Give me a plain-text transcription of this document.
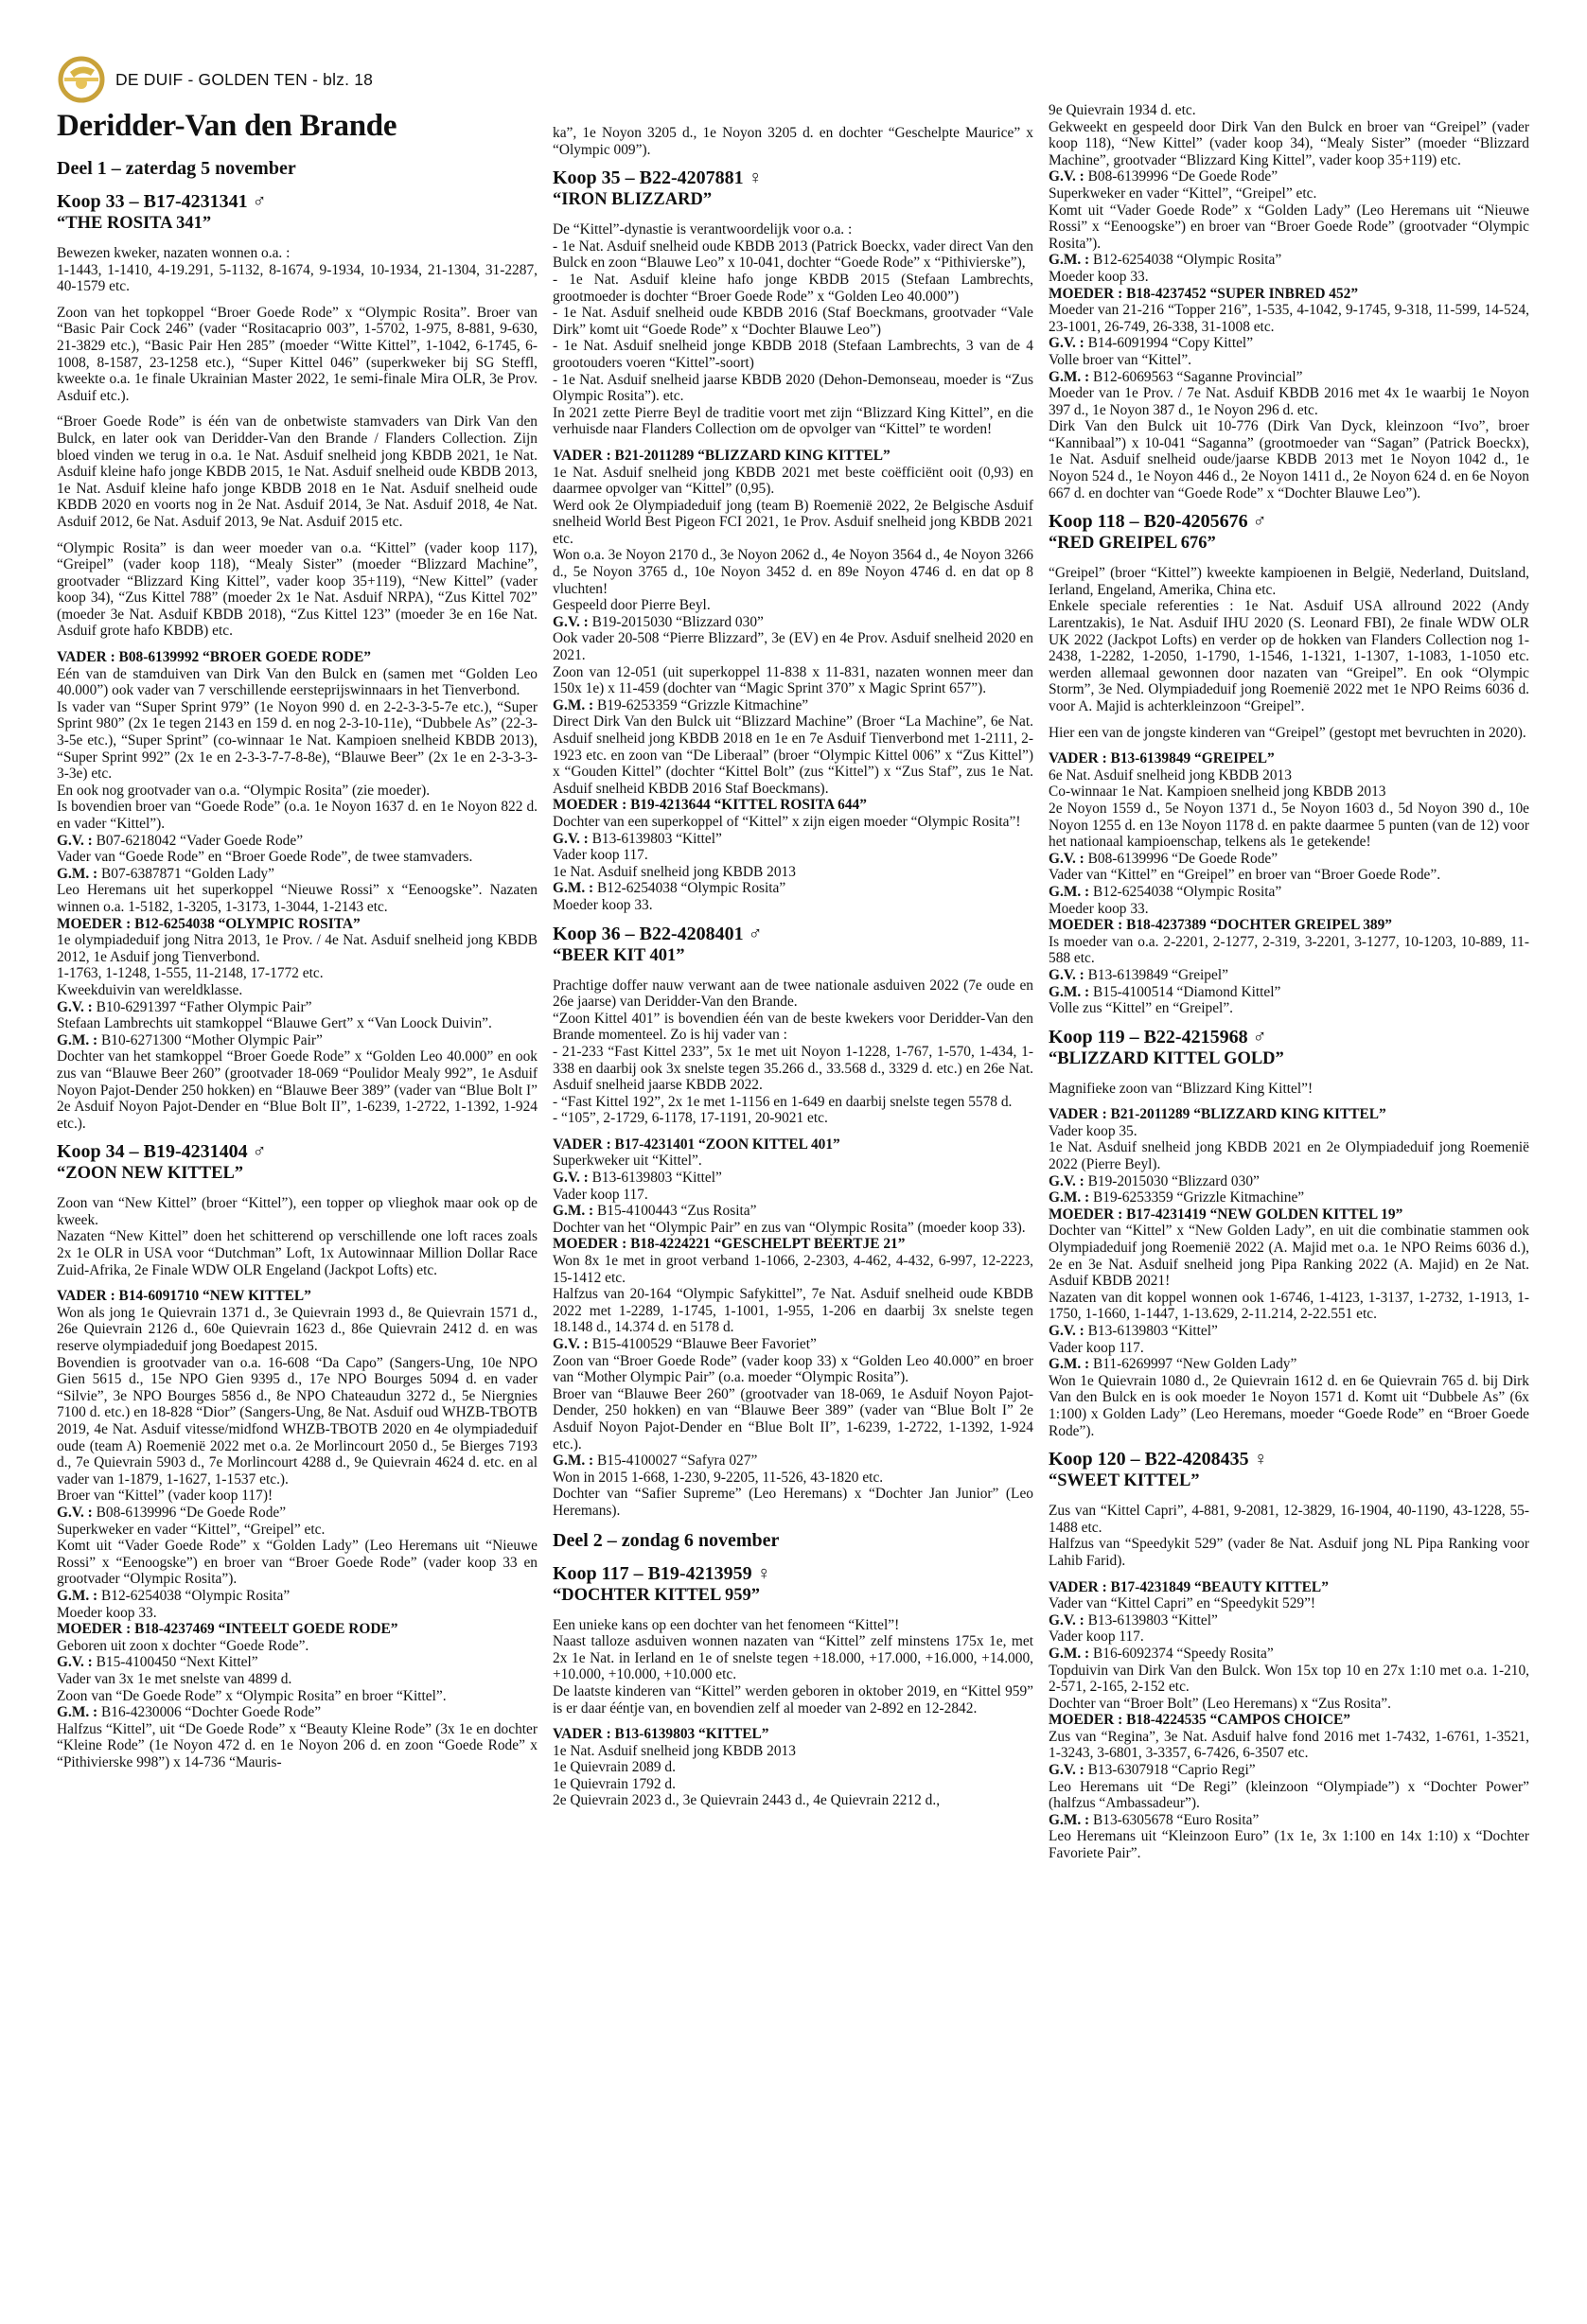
DE DUIF - GOLDEN TEN - blz. 18
Deridder-Van den Brande
Deel 1 – zaterdag 5 november
Koop 33 – B17-4231341 ♂
“THE ROSITA 341”

Bewezen kweker, nazaten wonnen o.a. :
1-1443, 1-1410, 4-19.291, 5-1132, 8-1674, 9-1934, 10-1934, 21-1304, 31-2287, 40-1579 etc.

Zoon van het topkoppel “Broer Goede Rode” x “Olympic Rosita”. Broer van “Basic Pair Cock 246” (vader “Rositacaprio 003”, 1-5702, 1-975, 8-881, 9-630, 21-3829 etc.), “Basic Pair Hen 285” (moeder “Witte Kittel”, 1-1042, 6-1745, 6-1008, 8-1587, 23-1258 etc.), “Super Kittel 046” (superkweker bij SG Steffl, kweekte o.a. 1e finale Ukrainian Master 2022, 1e semi-finale Mira OLR, 3e Prov. Asduif etc.).

“Broer Goede Rode” is één van de onbetwiste stamvaders van Dirk Van den Bulck, en later ook van Deridder-Van den Brande / Flanders Collection. Zijn bloed vinden we terug in o.a. 1e Nat. Asduif snelheid jong KBDB 2021, 1e Nat. Asduif kleine hafo jonge KBDB 2015, 1e Nat. Asduif snelheid oude KBDB 2013, 1e Nat. Asduif kleine hafo jonge KBDB 2018 en 1e Nat. Asduif snelheid oude KBDB 2020 en voorts nog in 2e Nat. Asduif 2014, 3e Nat. Asduif 2018, 4e Nat. Asduif 2012, 6e Nat. Asduif 2013, 9e Nat. Asduif 2015 etc.

“Olympic Rosita” is dan weer moeder van o.a. “Kittel” (vader koop 117), “Greipel” (vader koop 118), “Mealy Sister” (moeder “Blizzard Machine”, grootvader “Blizzard King Kittel”, vader koop 35+119), “New Kittel” (vader koop 34), “Zus Kittel 788” (moeder 2x 1e Nat. Asduif NRPA), “Zus Kittel 702” (moeder 3e Nat. Asduif KBDB 2018), “Zus Kittel 123” (moeder 3e en 16e Nat. Asduif grote hafo KBDB) etc.

VADER : B08-6139992 “BROER GOEDE RODE”
Eén van de stamduiven van Dirk Van den Bulck en (samen met “Golden Leo 40.000”) ook vader van 7 verschillende eersteprijswinnaars in het Tienverbond.
Is vader van “Super Sprint 979” (1e Noyon 990 d. en 2-2-3-3-5-7e etc.), “Super Sprint 980” (2x 1e tegen 2143 en 159 d. en nog 2-3-10-11e), “Dubbele As” (22-3-3-5e etc.), “Super Sprint” (co-winnaar 1e Nat. Kampioen snelheid KBDB 2013), “Super Sprint 992” (2x 1e en 2-3-3-7-7-8-8e), “Blauwe Beer” (2x 1e en 2-3-3-3-3-3e) etc.
En ook nog grootvader van o.a. “Olympic Rosita” (zie moeder).
Is bovendien broer van “Goede Rode” (o.a. 1e Noyon 1637 d. en 1e Noyon 822 d. en vader “Kittel”).
G.V. : B07-6218042 “Vader Goede Rode”
Vader van “Goede Rode” en “Broer Goede Rode”, de twee stamvaders.
G.M. : B07-6387871 “Golden Lady”
Leo Heremans uit het superkoppel “Nieuwe Rossi” x “Eenoogske”. Nazaten winnen o.a. 1-5182, 1-3205, 1-3173, 1-3044, 1-2143 etc.
MOEDER : B12-6254038 “OLYMPIC ROSITA”
1e olympiadeduif jong Nitra 2013, 1e Prov. / 4e Nat. Asduif snelheid jong KBDB 2012, 1e Asduif jong Tienverbond.
1-1763, 1-1248, 1-555, 11-2148, 17-1772 etc.
Kweekduivin van wereldklasse.
G.V. : B10-6291397 “Father Olympic Pair”
Stefaan Lambrechts uit stamkoppel “Blauwe Gert” x “Van Loock Duivin”.
G.M. : B10-6271300 “Mother Olympic Pair”
Dochter van het stamkoppel “Broer Goede Rode” x “Golden Leo 40.000” en ook zus van “Blauwe Beer 260” (grootvader 18-069 “Poulidor Mealy 992”, 1e Asduif Noyon Pajot-Dender 250 hokken) en “Blauwe Beer 389” (vader van “Blue Bolt I” 2e Asduif Noyon Pajot-Dender en “Blue Bolt II”, 1-6239, 1-2722, 1-1392, 1-924 etc.).

Koop 34 – B19-4231404 ♂
“ZOON NEW KITTEL”

Zoon van “New Kittel” (broer “Kittel”), een topper op vlieghok maar ook op de kweek.
Nazaten “New Kittel” doen het schitterend op verschillende one loft races zoals 2x 1e OLR in USA voor “Dutchman” Loft, 1x Autowinnaar Million Dollar Race Zuid-Afrika, 2e Finale WDW OLR Engeland (Jackpot Lofts) etc.

VADER : B14-6091710 “NEW KITTEL”
Won als jong 1e Quievrain 1371 d., 3e Quievrain 1993 d., 8e Quievrain 1571 d., 26e Quievrain 2126 d., 60e Quievrain 1623 d., 86e Quievrain 2412 d. en was reserve olympiadeduif jong Boedapest 2015.
Bovendien is grootvader van o.a. 16-608 “Da Capo” (Sangers-Ung, 10e NPO Gien 5615 d., 15e NPO Gien 9395 d., 17e NPO Bourges 5094 d. en vader “Silvie”, 3e NPO Bourges 5856 d., 8e NPO Chateaudun 3272 d., 5e Niergnies 7100 d. etc.) en 18-828 “Dior” (Sangers-Ung, 8e Nat. Asduif oud WHZB-TBOTB 2019, 4e Nat. Asduif vitesse/midfond WHZB-TBOTB 2020 en 4e olympiadeduif oude (team A) Roemenië 2022 met o.a. 2e Morlincourt 2050 d., 5e Bierges 7193 d., 7e Quievrain 5903 d., 7e Morlincourt 4288 d., 9e Quievrain 4624 d. etc. en al vader van 1-1879, 1-1627, 1-1537 etc.).
Broer van “Kittel” (vader koop 117)!
G.V. : B08-6139996 “De Goede Rode”
Superkweker en vader “Kittel”, “Greipel” etc.
Komt uit “Vader Goede Rode” x “Golden Lady” (Leo Heremans uit “Nieuwe Rossi” x “Eenoogske”) en broer van “Broer Goede Rode” (vader koop 33 en grootvader “Olympic Rosita”).
G.M. : B12-6254038 “Olympic Rosita”
Moeder koop 33.
MOEDER : B18-4237469 “INTEELT GOEDE RODE”
Geboren uit zoon x dochter “Goede Rode”.
G.V. : B15-4100450 “Next Kittel”
Vader van 3x 1e met snelste van 4899 d.
Zoon van “De Goede Rode” x “Olympic Rosita” en broer “Kittel”.
G.M. : B16-4230006 “Dochter Goede Rode”
Halfzus “Kittel”, uit “De Goede Rode” x “Beauty Kleine Rode” (3x 1e en dochter “Kleine Rode” (1e Noyon 472 d. en 1e Noyon 206 d. en zoon “Goede Rode” x “Pithivierske 998”) x 14-736 “Mauris-

ka”, 1e Noyon 3205 d., 1e Noyon 3205 d. en dochter “Geschelpte Maurice” x “Olympic 009”).

Koop 35 – B22-4207881 ♀
“IRON BLIZZARD”

De “Kittel”-dynastie is verantwoordelijk voor o.a. :
- 1e Nat. Asduif snelheid oude KBDB 2013 (Patrick Boeckx, vader direct Van den Bulck en zoon “Blauwe Leo” x 10-041, dochter “Goede Rode” x “Pithivierske”),
- 1e Nat. Asduif kleine hafo jonge KBDB 2015 (Stefaan Lambrechts, grootmoeder is dochter “Broer Goede Rode” x “Golden Leo 40.000”)
- 1e Nat. Asduif snelheid oude KBDB 2016 (Staf Boeckmans, grootvader “Vale Dirk” komt uit “Goede Rode” x “Dochter Blauwe Leo”)
- 1e Nat. Asduif snelheid jonge KBDB 2018 (Stefaan Lambrechts, 3 van de 4 grootouders voeren “Kittel”-soort)
- 1e Nat. Asduif snelheid jaarse KBDB 2020 (Dehon-Demonseau, moeder is “Zus Olympic Rosita”). etc.
In 2021 zette Pierre Beyl de traditie voort met zijn “Blizzard King Kittel”, en die verhuisde naar Flanders Collection om de opvolger van “Kittel” te worden!

VADER : B21-2011289 “BLIZZARD KING KITTEL”
1e Nat. Asduif snelheid jong KBDB 2021 met beste coëfficiënt ooit (0,93) en daarmee opvolger van “Kittel” (0,95).
Werd ook 2e Olympiadeduif jong (team B) Roemenië 2022, 2e Belgische Asduif snelheid World Best Pigeon FCI 2021, 1e Prov. Asduif snelheid jong KBDB 2021 etc.
Won o.a. 3e Noyon 2170 d., 3e Noyon 2062 d., 4e Noyon 3564 d., 4e Noyon 3266 d., 5e Noyon 3765 d., 10e Noyon 3452 d. en 89e Noyon 4746 d. en dat op 8 vluchten!
Gespeeld door Pierre Beyl.
G.V. : B19-2015030 “Blizzard 030”
Ook vader 20-508 “Pierre Blizzard”, 3e (EV) en 4e Prov. Asduif snelheid 2020 en 2021.
Zoon van 12-051 (uit superkoppel 11-838 x 11-831, nazaten wonnen meer dan 150x 1e) x 11-459 (dochter van “Magic Sprint 370” x Magic Sprint 657”).
G.M. : B19-6253359 “Grizzle Kitmachine”
Direct Dirk Van den Bulck uit “Blizzard Machine” (Broer “La Machine”, 6e Nat. Asduif snelheid jong KBDB 2018 en 1e en 7e Asduif Tienverbond met 1-2111, 2-1923 etc. en zoon van “De Liberaal” (broer “Olympic Kittel 006” x “Zus Kittel”) x “Gouden Kittel” (dochter “Kittel Bolt” (zus “Kittel”) x “Zus Staf”, zus 1e Nat. Asduif snelheid KBDB 2016 Staf Boeckmans).
MOEDER : B19-4213644 “KITTEL ROSITA 644”
Dochter van een superkoppel of “Kittel” x zijn eigen moeder “Olympic Rosita”!
G.V. : B13-6139803 “Kittel”
Vader koop 117.
1e Nat. Asduif snelheid jong KBDB 2013
G.M. : B12-6254038 “Olympic Rosita”
Moeder koop 33.

Koop 36 – B22-4208401 ♂
“BEER KIT 401”

Prachtige doffer nauw verwant aan de twee nationale asduiven 2022 (7e oude en 26e jaarse) van Deridder-Van den Brande.
“Zoon Kittel 401” is bovendien één van de beste kwekers voor Deridder-Van den Brande momenteel. Zo is hij vader van :
- 21-233 “Fast Kittel 233”, 5x 1e met uit Noyon 1-1228, 1-767, 1-570, 1-434, 1-338 en daarbij ook 3x snelste tegen 35.266 d., 33.568 d., 3329 d. etc.) en 26e Nat. Asduif snelheid jaarse KBDB 2022.
- “Fast Kittel 192”, 2x 1e met 1-1156 en 1-649 en daarbij snelste tegen 5578 d.
- “105”, 2-1729, 6-1178, 17-1191, 20-9021 etc.

VADER : B17-4231401 “ZOON KITTEL 401”
Superkweker uit “Kittel”.
G.V. : B13-6139803 “Kittel”
Vader koop 117.
G.M. : B15-4100443 “Zus Rosita”
Dochter van het “Olympic Pair” en zus van “Olympic Rosita” (moeder koop 33).
MOEDER : B18-4224221 “GESCHELPT BEERTJE 21”
Won 8x 1e met in groot verband 1-1066, 2-2303, 4-462, 4-432, 6-997, 12-2223, 15-1412 etc.
Halfzus van 20-164 “Olympic Safykittel”, 7e Nat. Asduif snelheid oude KBDB 2022 met 1-2289, 1-1745, 1-1001, 1-955, 1-206 en daarbij 3x snelste tegen 18.148 d., 14.374 d. en 5178 d.
G.V. : B15-4100529 “Blauwe Beer Favoriet”
Zoon van “Broer Goede Rode” (vader koop 33) x “Golden Leo 40.000” en broer van “Mother Olympic Pair” (o.a. moeder “Olympic Rosita”).
Broer van “Blauwe Beer 260” (grootvader van 18-069, 1e Asduif Noyon Pajot-Dender, 250 hokken) en van “Blauwe Beer 389” (vader van “Blue Bolt I” 2e Asduif Noyon Pajot-Dender en “Blue Bolt II”, 1-6239, 1-2722, 1-1392, 1-924 etc.).
G.M. : B15-4100027 “Safyra 027”
Won in 2015 1-668, 1-230, 9-2205, 11-526, 43-1820 etc.
Dochter van “Safier Supreme” (Leo Heremans) x “Dochter Jan Junior” (Leo Heremans).

Deel 2 – zondag 6 november
Koop 117 – B19-4213959 ♀
“DOCHTER KITTEL 959”

Een unieke kans op een dochter van het fenomeen “Kittel”!
Naast talloze asduiven wonnen nazaten van “Kittel” zelf minstens 175x 1e, met 2x 1e Nat. in Ierland en 1e of snelste tegen +18.000, +17.000, +16.000, +14.000, +10.000, +10.000, +10.000 etc.
De laatste kinderen van “Kittel” werden geboren in oktober 2019, en “Kittel 959” is er daar ééntje van, en bovendien zelf al moeder van 2-892 en 12-2842.

VADER : B13-6139803 “KITTEL”
1e Nat. Asduif snelheid jong KBDB 2013
1e Quievrain 2089 d.
1e Quievrain 1792 d.
2e Quievrain 2023 d., 3e Quievrain 2443 d., 4e Quievrain 2212 d.,

9e Quievrain 1934 d. etc.
Gekweekt en gespeeld door Dirk Van den Bulck en broer van “Greipel” (vader koop 118), “New Kittel” (vader koop 34), “Mealy Sister” (moeder “Blizzard Machine”, grootvader “Blizzard King Kittel”, vader koop 35+119) etc.
G.V. : B08-6139996 “De Goede Rode”
Superkweker en vader “Kittel”, “Greipel” etc.
Komt uit “Vader Goede Rode” x “Golden Lady” (Leo Heremans uit “Nieuwe Rossi” x “Eenoogske”) en broer van “Broer Goede Rode” (grootvader “Olympic Rosita”).
G.M. : B12-6254038 “Olympic Rosita”
Moeder koop 33.
MOEDER : B18-4237452 “SUPER INBRED 452”
Moeder van 21-216 “Topper 216”, 1-535, 4-1042, 9-1745, 9-318, 11-599, 14-524, 23-1001, 26-749, 26-338, 31-1008 etc.
G.V. : B14-6091994 “Copy Kittel”
Volle broer van “Kittel”.
G.M. : B12-6069563 “Saganne Provincial”
Moeder van 1e Prov. / 7e Nat. Asduif KBDB 2016 met 4x 1e waarbij 1e Noyon 397 d., 1e Noyon 387 d., 1e Noyon 296 d. etc.
Dirk Van den Bulck uit 10-776 (Dirk Van Dyck, kleinzoon “Ivo”, broer “Kannibaal”) x 10-041 “Saganna” (grootmoeder van “Sagan” (Patrick Boeckx), 1e Nat. Asduif snelheid oude/jaarse KBDB 2013 met 1e Noyon 1042 d., 1e Noyon 524 d., 1e Noyon 446 d., 2e Noyon 1411 d., 2e Noyon 624 d. en 6e Noyon 667 d. en dochter van “Goede Rode” x “Dochter Blauwe Leo”).

Koop 118 – B20-4205676 ♂
“RED GREIPEL 676”

“Greipel” (broer “Kittel”) kweekte kampioenen in België, Nederland, Duitsland, Ierland, Engeland, Amerika, China etc.
Enkele speciale referenties : 1e Nat. Asduif USA allround 2022 (Andy Larentzakis), 1e Nat. Asduif IHU 2020 (S. Leonard FBI), 2e finale WDW OLR UK 2022 (Jackpot Lofts) en verder op de hokken van Flanders Collection nog 1-2438, 1-2282, 1-2050, 1-1790, 1-1546, 1-1321, 1-1307, 1-1083, 1-1050 etc. werden allemaal gewonnen door nazaten van “Greipel”. En ook “Olympic Storm”, 3e Ned. Olympiadeduif jong Roemenië 2022 met 1e NPO Reims 6036 d. voor A. Majid is achterkleinzoon “Greipel”.

Hier een van de jongste kinderen van “Greipel” (gestopt met bevruchten in 2020).

VADER : B13-6139849 “GREIPEL”
6e Nat. Asduif snelheid jong KBDB 2013
Co-winnaar 1e Nat. Kampioen snelheid jong KBDB 2013
2e Noyon 1559 d., 5e Noyon 1371 d., 5e Noyon 1603 d., 5d Noyon 390 d., 10e Noyon 1255 d. en 13e Noyon 1178 d. en pakte daarmee 5 punten (van de 12) voor het nationaal kampioenschap, telkens als 1e getekende!
G.V. : B08-6139996 “De Goede Rode”
Vader van “Kittel” en “Greipel” en broer van “Broer Goede Rode”.
G.M. : B12-6254038 “Olympic Rosita”
Moeder koop 33.
MOEDER : B18-4237389 “DOCHTER GREIPEL 389”
Is moeder van o.a. 2-2201, 2-1277, 2-319, 3-2201, 3-1277, 10-1203, 10-889, 11-588 etc.
G.V. : B13-6139849 “Greipel”
G.M. : B15-4100514 “Diamond Kittel”
Volle zus “Kittel” en “Greipel”.

Koop 119 – B22-4215968 ♂
“BLIZZARD KITTEL GOLD”

Magnifieke zoon van “Blizzard King Kittel”!

VADER : B21-2011289 “BLIZZARD KING KITTEL”
Vader koop 35.
1e Nat. Asduif snelheid jong KBDB 2021 en 2e Olympiadeduif jong Roemenië 2022 (Pierre Beyl).
G.V. : B19-2015030 “Blizzard 030”
G.M. : B19-6253359 “Grizzle Kitmachine”
MOEDER : B17-4231419 “NEW GOLDEN KITTEL 19”
Dochter van “Kittel” x “New Golden Lady”, en uit die combinatie stammen ook Olympiadeduif jong Roemenië 2022 (A. Majid met o.a. 1e NPO Reims 6036 d.), 2e en 3e Nat. Asduif snelheid jong Pipa Ranking 2022 (A. Majid) en 2e Nat. Asduif KBDB 2021!
Nazaten van dit koppel wonnen ook 1-6746, 1-4123, 1-3137, 1-2732, 1-1913, 1-1750, 1-1660, 1-1447, 1-13.629, 2-11.214, 2-22.551 etc.
G.V. : B13-6139803 “Kittel”
Vader koop 117.
G.M. : B11-6269997 “New Golden Lady”
Won 1e Quievrain 1080 d., 2e Quievrain 1612 d. en 6e Quievrain 765 d. bij Dirk Van den Bulck en is ook moeder 1e Noyon 1571 d. Komt uit “Dubbele As” (6x 1:100) x Golden Lady” (Leo Heremans, moeder “Goede Rode” en “Broer Goede Rode”).

Koop 120 – B22-4208435 ♀
“SWEET KITTEL”

Zus van “Kittel Capri”, 4-881, 9-2081, 12-3829, 16-1904, 40-1190, 43-1228, 55-1488 etc.
Halfzus van “Speedykit 529” (vader 8e Nat. Asduif jong NL Pipa Ranking voor Lahib Farid).

VADER : B17-4231849 “BEAUTY KITTEL”
Vader van “Kittel Capri” en “Speedykit 529”!
G.V. : B13-6139803 “Kittel”
Vader koop 117.
G.M. : B16-6092374 “Speedy Rosita”
Topduivin van Dirk Van den Bulck. Won 15x top 10 en 27x 1:10 met o.a. 1-210, 2-571, 2-165, 2-152 etc.
Dochter van “Broer Bolt” (Leo Heremans) x “Zus Rosita”.
MOEDER : B18-4224535 “CAMPOS CHOICE”
Zus van “Regina”, 3e Nat. Asduif halve fond 2016 met 1-7432, 1-6761, 1-3521, 1-3243, 3-6801, 3-3357, 6-7426, 6-3507 etc.
G.V. : B13-6307918 “Caprio Regi”
Leo Heremans uit “De Regi” (kleinzoon “Olympiade”) x “Dochter Power” (halfzus “Ambassadeur”).
G.M. : B13-6305678 “Euro Rosita”
Leo Heremans uit “Kleinzoon Euro” (1x 1e, 3x 1:100 en 14x 1:10) x “Dochter Favoriete Pair”.
